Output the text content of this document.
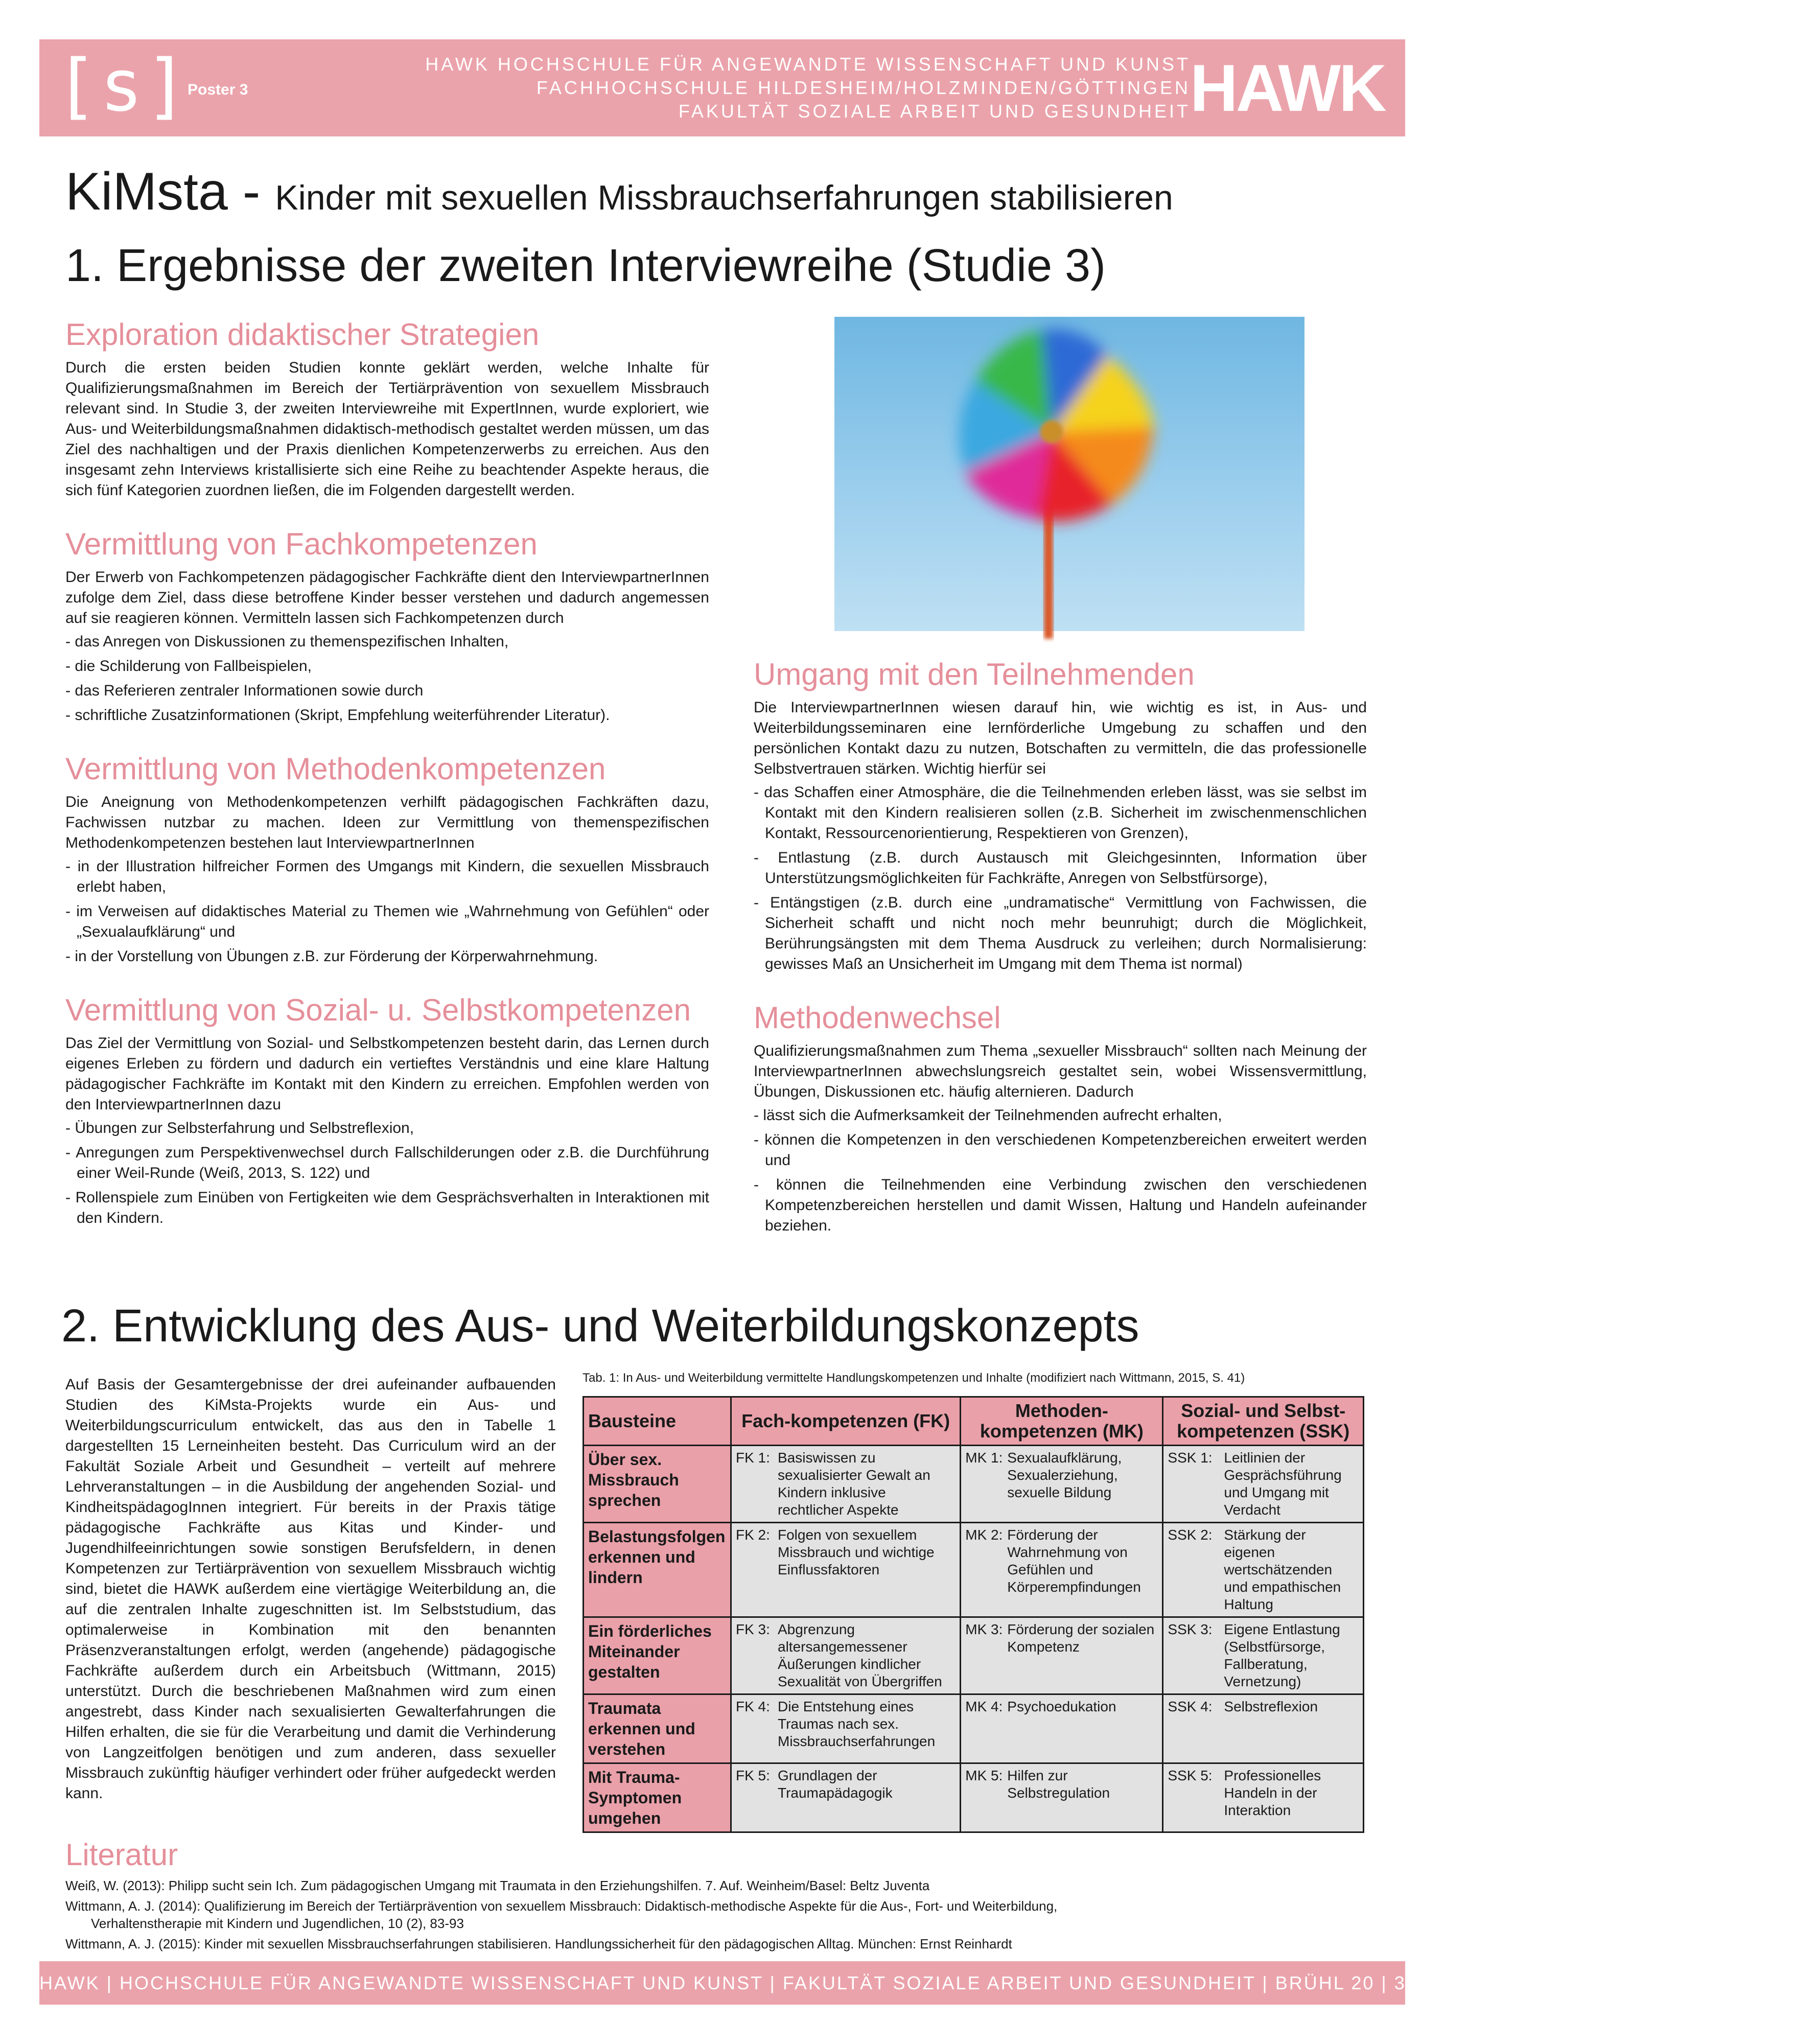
[s]
Poster 3
HAWK HOCHSCHULE FÜR ANGEWANDTE WISSENSCHAFT UND KUNST
FACHHOCHSCHULE HILDESHEIM/HOLZMINDEN/GÖTTINGEN
FAKULTÄT SOZIALE ARBEIT UND GESUNDHEIT
HAWK
KiMsta - Kinder mit sexuellen Missbrauchserfahrungen stabilisieren
1. Ergebnisse der zweiten Interviewreihe (Studie 3)
Exploration didaktischer Strategien

Durch die ersten beiden Studien konnte geklärt werden, welche Inhalte für Qualifizierungsmaßnahmen im Bereich der Tertiärprävention von sexuellem Missbrauch relevant sind. In Studie 3, der zweiten Interviewreihe mit ExpertInnen, wurde exploriert, wie Aus- und Weiterbildungsmaßnahmen didaktisch-methodisch gestaltet werden müssen, um das Ziel des nachhaltigen und der Praxis dienlichen Kompetenzerwerbs zu erreichen. Aus den insgesamt zehn Interviews kristallisierte sich eine Reihe zu beachtender Aspekte heraus, die sich fünf Kategorien zuordnen ließen, die im Folgenden dargestellt werden.

Vermittlung von Fachkompetenzen

Der Erwerb von Fachkompetenzen pädagogischer Fachkräfte dient den InterviewpartnerInnen zufolge dem Ziel, dass diese betroffene Kinder besser verstehen und dadurch angemessen auf sie reagieren können. Vermitteln lassen sich Fachkompetenzen durch

- das Anregen von Diskussionen zu themenspezifischen Inhalten,
- die Schilderung von Fallbeispielen,
- das Referieren zentraler Informationen sowie durch
- schriftliche Zusatzinformationen (Skript, Empfehlung weiterführender Literatur).
Vermittlung von Methodenkompetenzen

Die Aneignung von Methodenkompetenzen verhilft pädagogischen Fachkräften dazu, Fachwissen nutzbar zu machen. Ideen zur Vermittlung von themenspezifischen Methodenkompetenzen bestehen laut InterviewpartnerInnen

- in der Illustration hilfreicher Formen des Umgangs mit Kindern, die sexuellen Missbrauch erlebt haben,
- im Verweisen auf didaktisches Material zu Themen wie „Wahrnehmung von Gefühlen“ oder „Sexualaufklärung“ und
- in der Vorstellung von Übungen z.B. zur Förderung der Körperwahrnehmung.
Vermittlung von Sozial- u. Selbstkompetenzen

Das Ziel der Vermittlung von Sozial- und Selbstkompetenzen besteht darin, das Lernen durch eigenes Erleben zu fördern und dadurch ein vertieftes Verständnis und eine klare Haltung pädagogischer Fachkräfte im Kontakt mit den Kindern zu erreichen. Empfohlen werden von den InterviewpartnerInnen dazu

- Übungen zur Selbsterfahrung und Selbstreflexion,
- Anregungen zum Perspektivenwechsel durch Fallschilderungen oder z.B. die Durchführung einer Weil-Runde (Weiß, 2013, S. 122) und
- Rollenspiele zum Einüben von Fertigkeiten wie dem Gesprächsverhalten in Interaktionen mit den Kindern.
Umgang mit den Teilnehmenden

Die InterviewpartnerInnen wiesen darauf hin, wie wichtig es ist, in Aus- und Weiterbildungsseminaren eine lernförderliche Umgebung zu schaffen und den persönlichen Kontakt dazu zu nutzen, Botschaften zu vermitteln, die das professionelle Selbstvertrauen stärken. Wichtig hierfür sei

- das Schaffen einer Atmosphäre, die die Teilnehmenden erleben lässt, was sie selbst im Kontakt mit den Kindern realisieren sollen (z.B. Sicherheit im zwischenmenschlichen Kontakt, Ressourcenorientierung, Respektieren von Grenzen),
- Entlastung (z.B. durch Austausch mit Gleichgesinnten, Information über Unterstützungsmöglichkeiten für Fachkräfte, Anregen von Selbstfürsorge),
- Entängstigen (z.B. durch eine „undramatische“ Vermittlung von Fachwissen, die Sicherheit schafft und nicht noch mehr beunruhigt; durch die Möglichkeit, Berührungsängsten mit dem Thema Ausdruck zu verleihen; durch Normalisierung: gewisses Maß an Unsicherheit im Umgang mit dem Thema ist normal)
Methodenwechsel

Qualifizierungsmaßnahmen zum Thema „sexueller Missbrauch“ sollten nach Meinung der InterviewpartnerInnen abwechslungsreich gestaltet sein, wobei Wissensvermittlung, Übungen, Diskussionen etc. häufig alternieren. Dadurch

- lässt sich die Aufmerksamkeit der Teilnehmenden aufrecht erhalten,
- können die Kompetenzen in den verschiedenen Kompetenzbereichen erweitert werden und
- können die Teilnehmenden eine Verbindung zwischen den verschiedenen Kompetenzbereichen herstellen und damit Wissen, Haltung und Handeln aufeinander beziehen.
2. Entwicklung des Aus- und Weiterbildungskonzepts
Auf Basis der Gesamtergebnisse der drei aufeinander aufbauenden Studien des KiMsta-Projekts wurde ein Aus- und Weiterbildungscurriculum entwickelt, das aus den in Tabelle 1 dargestellten 15 Lerneinheiten besteht. Das Curriculum wird an der Fakultät Soziale Arbeit und Gesundheit – verteilt auf mehrere Lehrveranstaltungen – in die Ausbildung der angehenden Sozial- und KindheitspädagogInnen integriert. Für bereits in der Praxis tätige pädagogische Fachkräfte aus Kitas und Kinder- und Jugendhilfeeinrichtungen sowie sonstigen Berufsfeldern, in denen Kompetenzen zur Tertiärprävention von sexuellem Missbrauch wichtig sind, bietet die HAWK außerdem eine viertägige Weiterbildung an, die auf die zentralen Inhalte zugeschnitten ist. Im Selbststudium, das optimalerweise in Kombination mit den benannten Präsenzveranstaltungen erfolgt, werden (angehende) pädagogische Fachkräfte außerdem durch ein Arbeitsbuch (Wittmann, 2015) unterstützt. Durch die beschriebenen Maßnahmen wird zum einen angestrebt, dass Kinder nach sexualisierten Gewalterfahrungen die Hilfen erhalten, die sie für die Verarbeitung und damit die Verhinderung von Langzeitfolgen benötigen und zum anderen, dass sexueller Missbrauch zukünftig häufiger verhindert oder früher aufgedeckt werden kann.
Tab. 1: In Aus- und Weiterbildung vermittelte Handlungskompetenzen und Inhalte (modifiziert nach Wittmann, 2015, S. 41)
Bausteine	Fach-kompetenzen (FK)	Methoden-kompetenzen (MK)	Sozial- und Selbst-kompetenzen (SSK)
Über sex. Missbrauch sprechen	FK 1: Basiswissen zu sexualisierter Gewalt an Kindern inklusive rechtlicher Aspekte	MK 1: Sexualaufklärung, Sexualerziehung, sexuelle Bildung	SSK 1: Leitlinien der Gesprächsführung und Umgang mit Verdacht

Belastungsfolgen erkennen und lindern	FK 2: Folgen von sexuellem Missbrauch und wichtige Einflussfaktoren	MK 2: Förderung der Wahrnehmung von Gefühlen und Körperempfindungen	SSK 2: Stärkung der eigenen wertschätzenden und empathischen Haltung

Ein förderliches Miteinander gestalten	FK 3: Abgrenzung altersangemessener Äußerungen kindlicher Sexualität von Übergriffen	MK 3: Förderung der sozialen Kompetenz	SSK 3: Eigene Entlastung (Selbstfürsorge, Fallberatung, Vernetzung)

Traumata erkennen und verstehen	FK 4: Die Entstehung eines Traumas nach sex. Missbrauchserfahrungen	MK 4: Psychoedukation	SSK 4: Selbstreflexion

Mit Trauma-Symptomen umgehen	FK 5: Grundlagen der Traumapädagogik	MK 5: Hilfen zur Selbstregulation	SSK 5: Professionelles Handeln in der Interaktion
Literatur

Weiß, W. (2013): Philipp sucht sein Ich. Zum pädagogischen Umgang mit Traumata in den Erziehungshilfen. 7. Auf. Weinheim/Basel: Beltz Juventa

Wittmann, A. J. (2014): Qualifizierung im Bereich der Tertiärprävention von sexuellem Missbrauch: Didaktisch-methodische Aspekte für die Aus-, Fort- und Weiterbildung,
Verhaltenstherapie mit Kindern und Jugendlichen, 10 (2), 83-93

Wittmann, A. J. (2015): Kinder mit sexuellen Missbrauchserfahrungen stabilisieren. Handlungssicherheit für den pädagogischen Alltag. München: Ernst Reinhardt

HAWK | HOCHSCHULE FÜR ANGEWANDTE WISSENSCHAFT UND KUNST | FAKULTÄT SOZIALE ARBEIT UND GESUNDHEIT | BRÜHL 20 | 31134 HILDESHEIM | WWW.HAWK-HHG.DE
